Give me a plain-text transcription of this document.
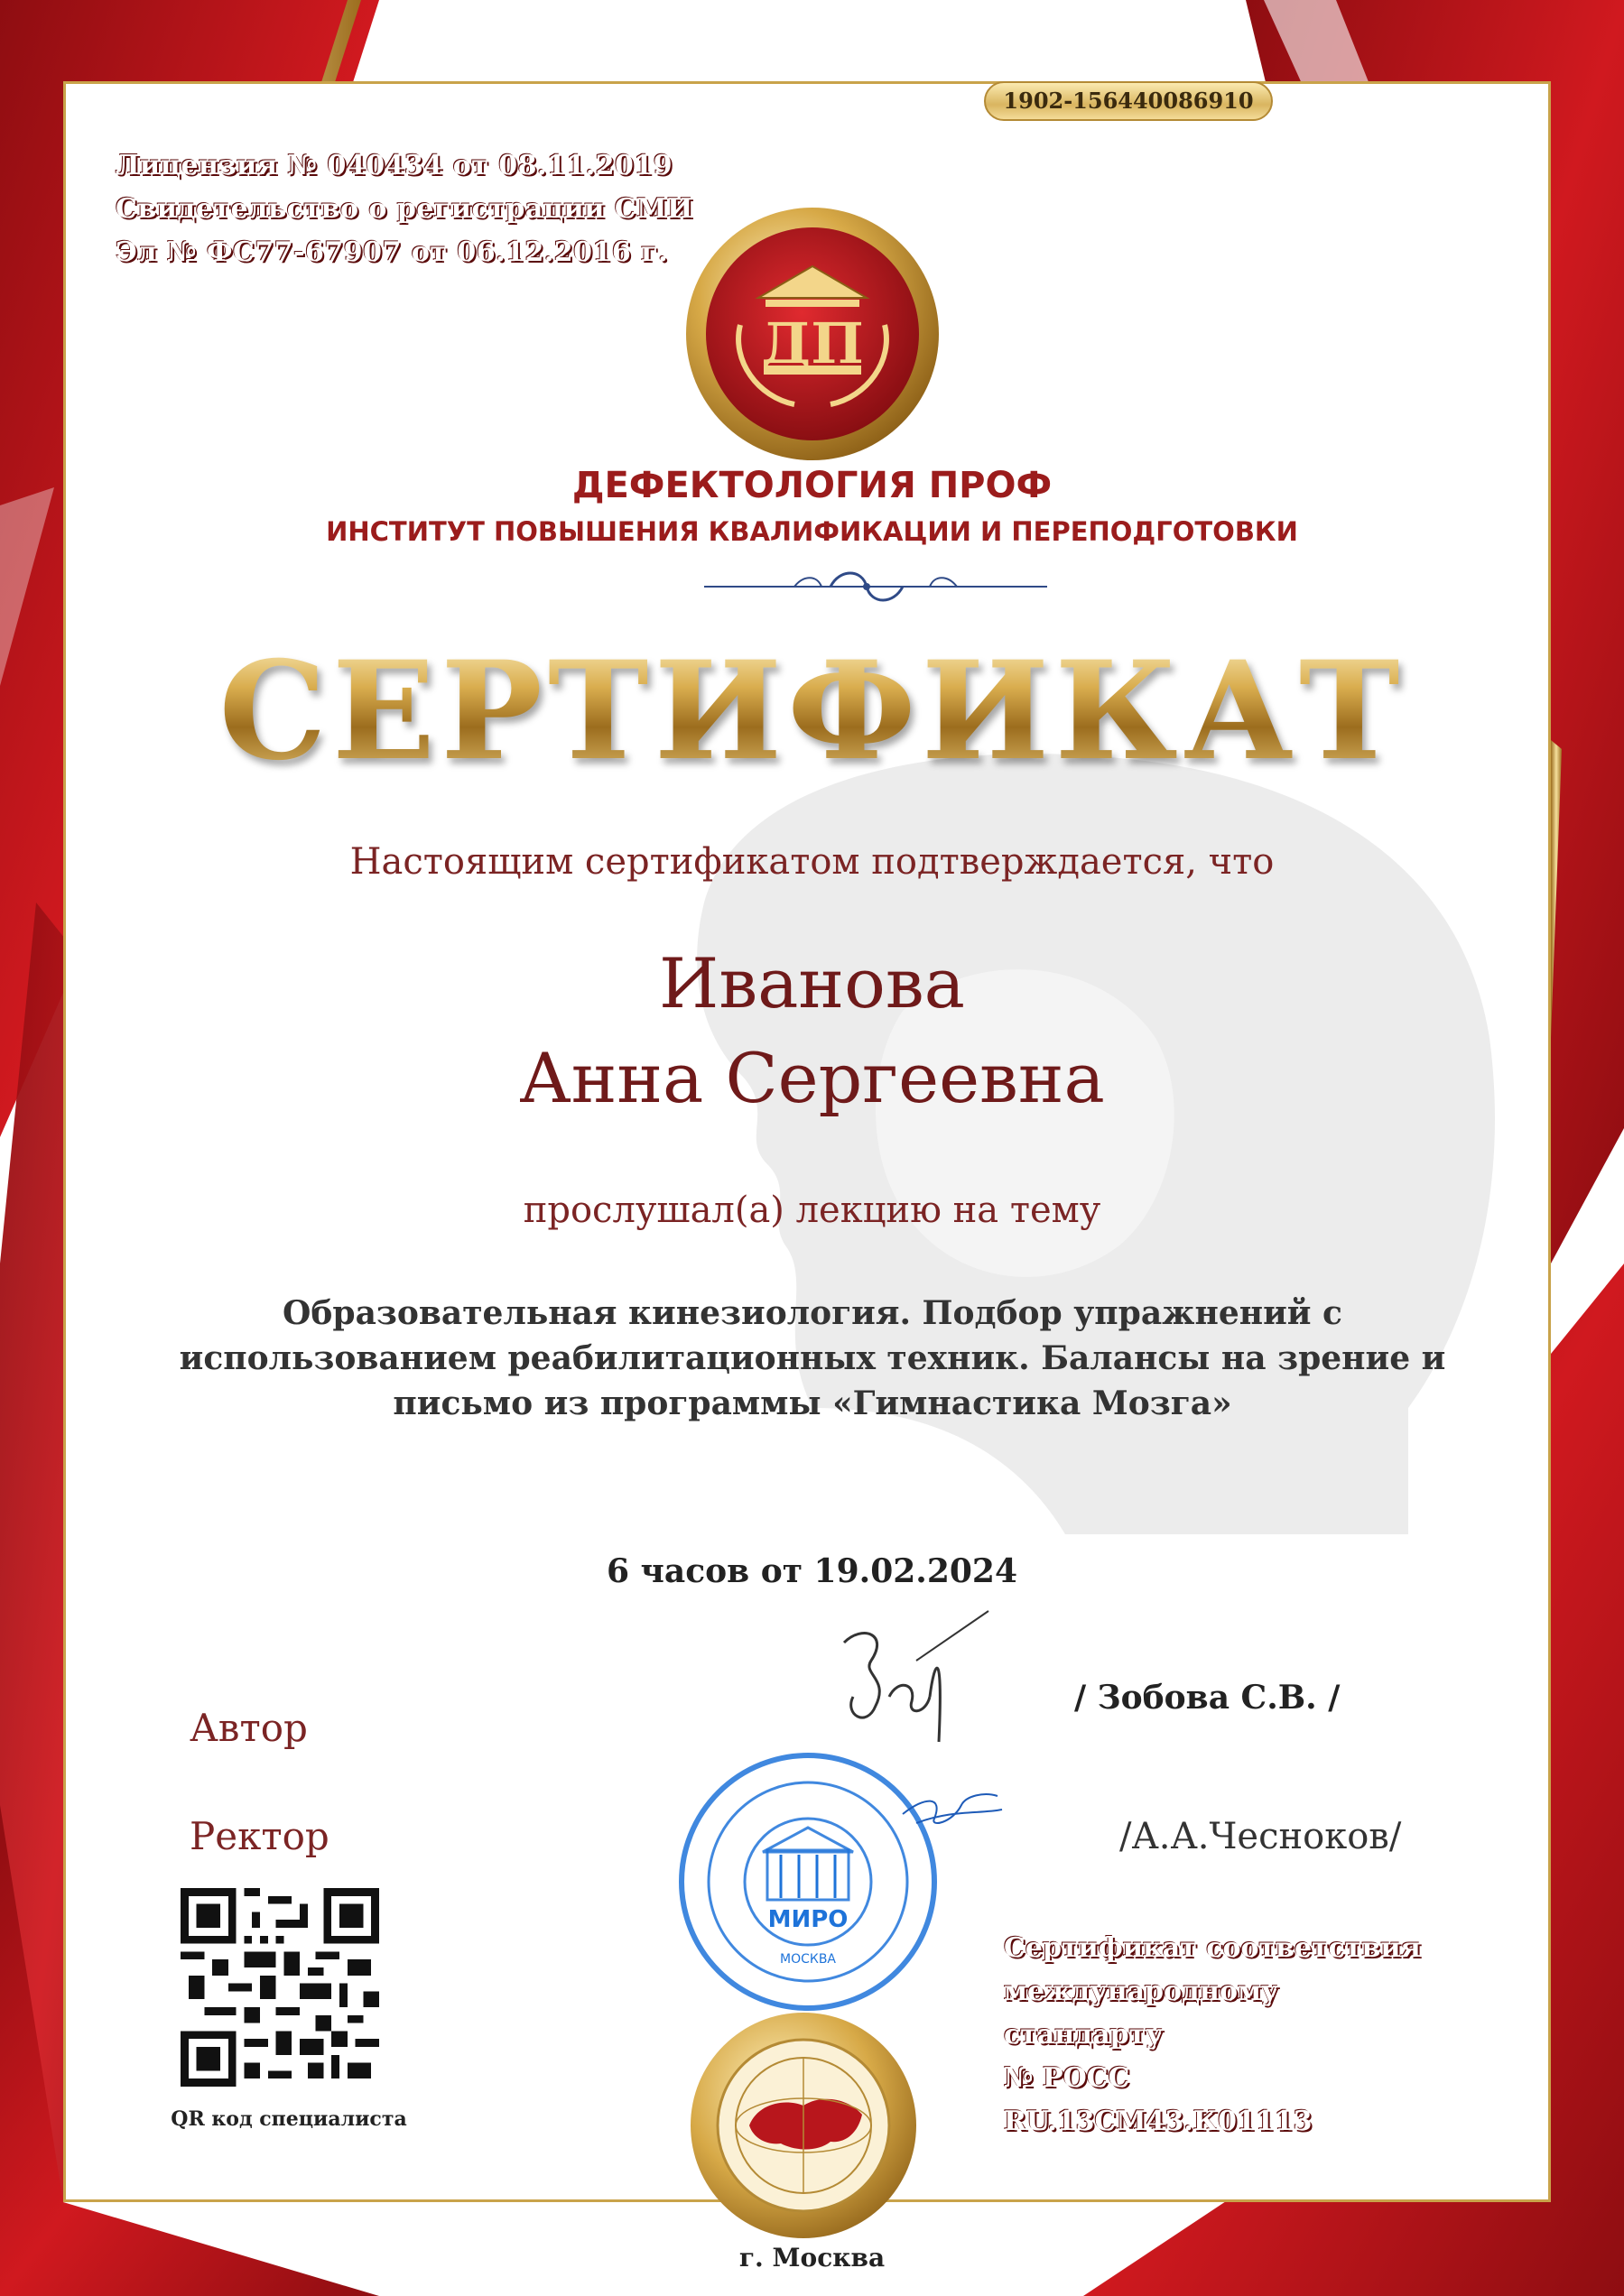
1902-156440086910
Лицензия № 040434 от 08.11.2019
Свидетельство о регистрации СМИ
Эл № ФС77-67907 от 06.12.2016 г.
ДП
ДЕФЕКТОЛОГИЯ ПРОФ
ИНСТИТУТ ПОВЫШЕНИЯ КВАЛИФИКАЦИИ И ПЕРЕПОДГОТОВКИ
СЕРТИФИКАТ
Настоящим сертификатом подтверждается, что
Иванова
Анна Сергеевна
прослушал(а) лекцию на тему
Образовательная кинезиология. Подбор упражнений с использованием реабилитационных техник. Балансы на зрение и письмо из программы «Гимнастика Мозга»
6 часов от 19.02.2024
Автор
/ Зобова С.В. /
МИРО
МОСКВА
Ректор	/А.А.Чесноков/
QR код специалиста
Сертификат соответствия
международному стандарту
№ РОСС RU.13СМ43.К01113
г. Москва
